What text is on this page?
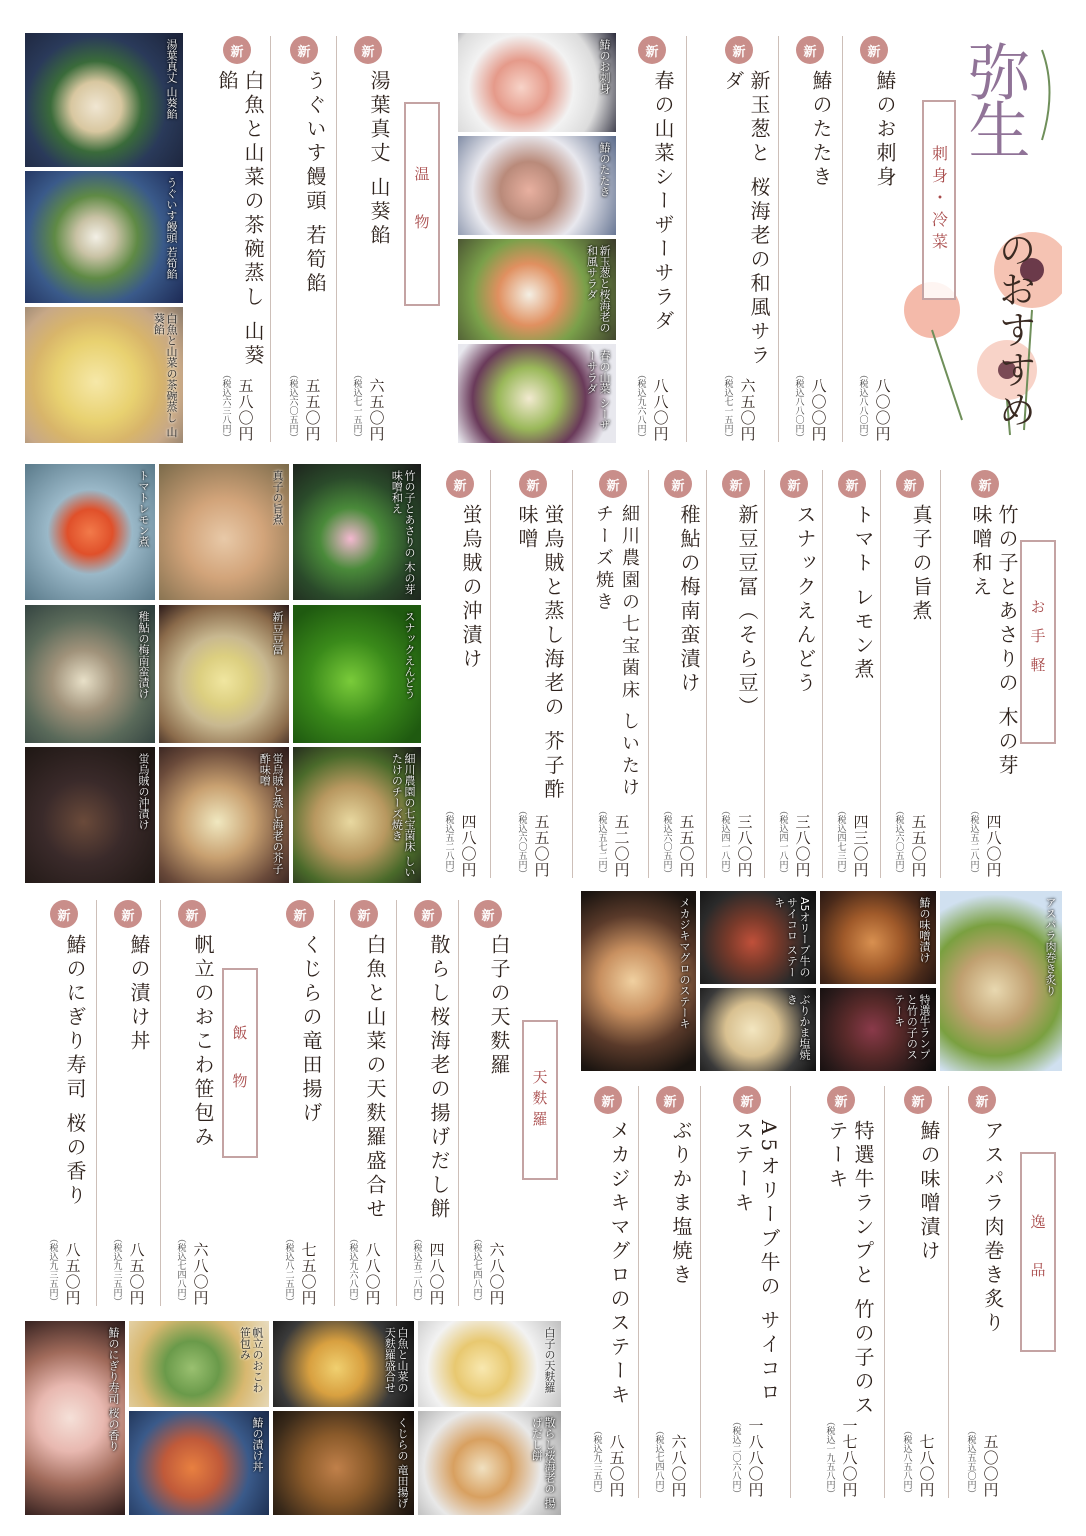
弥生
のおすすめ
刺身・冷菜
湯葉真丈 山葵餡
うぐいす饅頭 若筍餡
白魚と山菜の茶碗蒸し 山葵餡
鰆のお刺身
鰆のたたき
新玉葱と桜海老の和風サラダ
春の山菜 シーザーサラダ
温 物
新
湯葉真丈 山葵餡
六五〇円
（税込七一五円）
新
うぐいす饅頭 若筍餡
五五〇円
（税込六〇五円）
新
白魚と山菜の茶碗蒸し 山葵餡
五八〇円
（税込六三八円）
新
鰆のお刺身
八〇〇円
（税込八八〇円）
新
鰆のたたき
八〇〇円
（税込八八〇円）
新
新玉葱と 桜海老の和風サラダ
六五〇円
（税込七一五円）
新
春の山菜シーザーサラダ
八八〇円
（税込九六八円）
トマトレモン煮	真子の旨煮	竹の子とあさりの 木の芽 味噌和え
稚鮎の梅南蛮漬け	新豆豆冨	スナックえんどう
蛍烏賊の沖漬け	蛍烏賊と蒸し海老の芥子酢味噌	細川農園の七宝菌床 しいたけのチーズ焼き
お手軽
新
竹の子とあさりの 木の芽 味噌和え
四八〇円
（税込五二八円）
新
真子の旨煮
五五〇円
（税込六〇五円）
新
トマト レモン煮
四三〇円
（税込四七三円）
新
スナックえんどう
三八〇円
（税込四一八円）
新
新豆豆冨（そら豆）
三八〇円
（税込四一八円）
新
稚鮎の梅南蛮漬け
五五〇円
（税込六〇五円）
新
細川農園の七宝菌床 しいたけチーズ焼き
五二〇円
（税込五七二円）
新
蛍烏賊と蒸し海老の 芥子酢味噌
五五〇円
（税込六〇五円）
新
蛍烏賊の沖漬け
四八〇円
（税込五二八円）
天麩羅
新
白子の天麩羅
六八〇円
（税込七四八円）
新
散らし桜海老の揚げだし餅
四八〇円
（税込五二八円）
新
白魚と山菜の天麩羅盛合せ
八八〇円
（税込九六八円）
新
くじらの竜田揚げ
七五〇円
（税込八二五円）
飯 物
新
帆立のおこわ笹包み
六八〇円
（税込七四八円）
新
鰆の漬け丼
八五〇円
（税込九三五円）
新
鰆のにぎり寿司 桜の香り
八五〇円
（税込九三五円）
メカジキマグロのステーキ	A5オリーブ牛の サイコロ ステーキ	鰆の味噌漬け	アスパラ肉巻き炙り
ぶりかま塩焼き	特選牛ランプと竹の子のステーキ
逸 品
新
アスパラ肉巻き炙り
五〇〇円
（税込五五〇円）
新
鰆の味噌漬け
七八〇円
（税込八五八円）
新
特選牛ランプと 竹の子のステーキ
一七八〇円
（税込一九五八円）
新
A5オリーブ牛の サイコロステーキ
一八八〇円
（税込二〇六八円）
新
ぶりかま塩焼き
六八〇円
（税込七四八円）
新
メカジキマグロのステーキ
八五〇円
（税込九三五円）
鰆のにぎり寿司 桜の香り	帆立のおこわ 笹包み	白魚と山菜の 天麩羅盛合せ	白子の天麩羅
鰆の漬け丼	くじらの 竜田揚げ	散らし桜海老の 揚げだし餅
